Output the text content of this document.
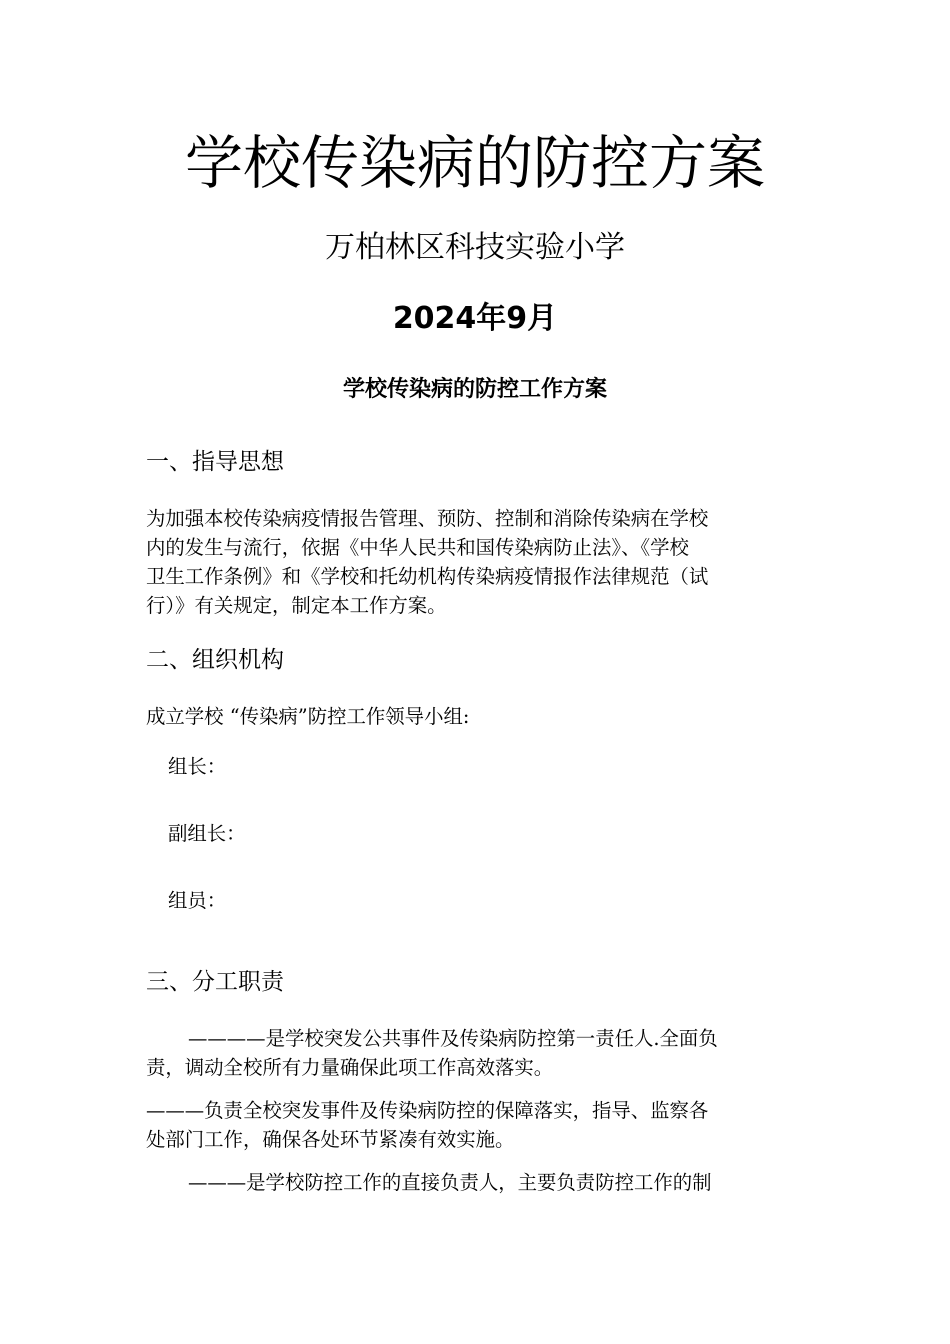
学校传染病的防控方案
万柏林区科技实验小学
2024年9月
学校传染病的防控工作方案
一、指导思想
为加强本校传染病疫情报告管理、预防、控制和消除传染病在学校
内的发生与流行，依据《中华人民共和国传染病防止法》、《学校
卫生工作条例》和《学校和托幼机构传染病疫情报作法律规范（试
行）》有关规定，制定本工作方案。
二、组织机构
成立学校 “传染病”防控工作领导小组:
组长：
副组长：
组员：
三、分工职责
————是学校突发公共事件及传染病防控第一责任人.全面负
责，调动全校所有力量确保此项工作高效落实。
———负责全校突发事件及传染病防控的保障落实，指导、监察各
处部门工作，确保各处环节紧凑有效实施。
———是学校防控工作的直接负责人，主要负责防控工作的制
